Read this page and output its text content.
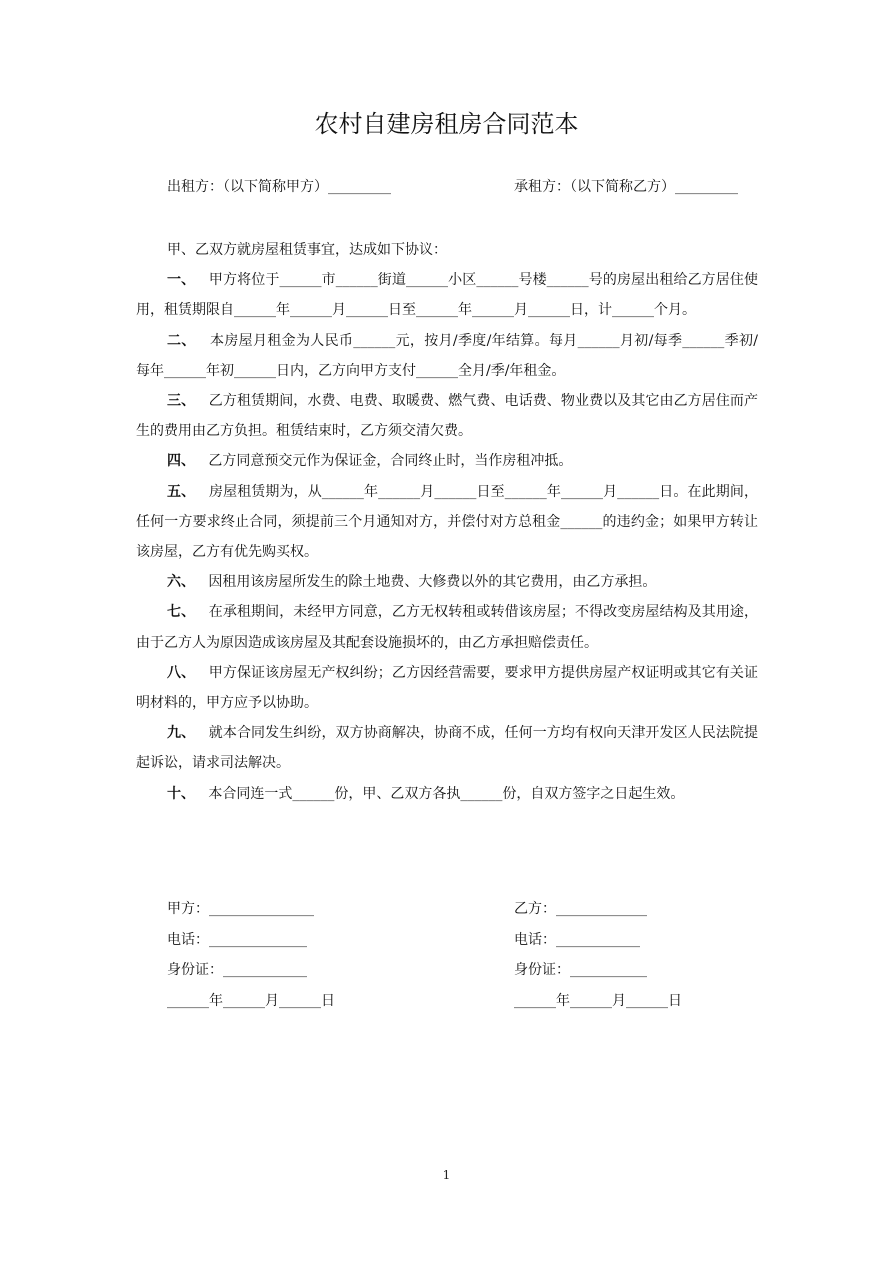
农村自建房租房合同范本
出租方：（以下简称甲方）_________	承租方：（以下简称乙方）_________

甲、乙双方就房屋租赁事宜，达成如下协议：

一、 甲方将位于______市______街道______小区______号楼______号的房屋出租给乙方居住使用，租赁期限自______年______月______日至______年______月______日，计______个月。

二、 本房屋月租金为人民币______元，按月/季度/年结算。每月______月初/每季______季初/每年______年初______日内，乙方向甲方支付______全月/季/年租金。

三、 乙方租赁期间，水费、电费、取暖费、燃气费、电话费、物业费以及其它由乙方居住而产生的费用由乙方负担。租赁结束时，乙方须交清欠费。

四、 乙方同意预交元作为保证金，合同终止时，当作房租冲抵。

五、 房屋租赁期为，从______年______月______日至______年______月______日。在此期间，任何一方要求终止合同，须提前三个月通知对方，并偿付对方总租金______的违约金；如果甲方转让该房屋，乙方有优先购买权。

六、 因租用该房屋所发生的除土地费、大修费以外的其它费用，由乙方承担。

七、 在承租期间，未经甲方同意，乙方无权转租或转借该房屋；不得改变房屋结构及其用途，由于乙方人为原因造成该房屋及其配套设施损坏的，由乙方承担赔偿责任。

八、 甲方保证该房屋无产权纠纷；乙方因经营需要，要求甲方提供房屋产权证明或其它有关证明材料的，甲方应予以协助。

九、 就本合同发生纠纷，双方协商解决，协商不成，任何一方均有权向天津开发区人民法院提起诉讼，请求司法解决。

十、 本合同连一式______份，甲、乙双方各执______份，自双方签字之日起生效。

甲方：_______________
电话：______________
身份证：____________
______年______月______日
乙方：_____________
电话：____________
身份证：___________
______年______月______日
1
